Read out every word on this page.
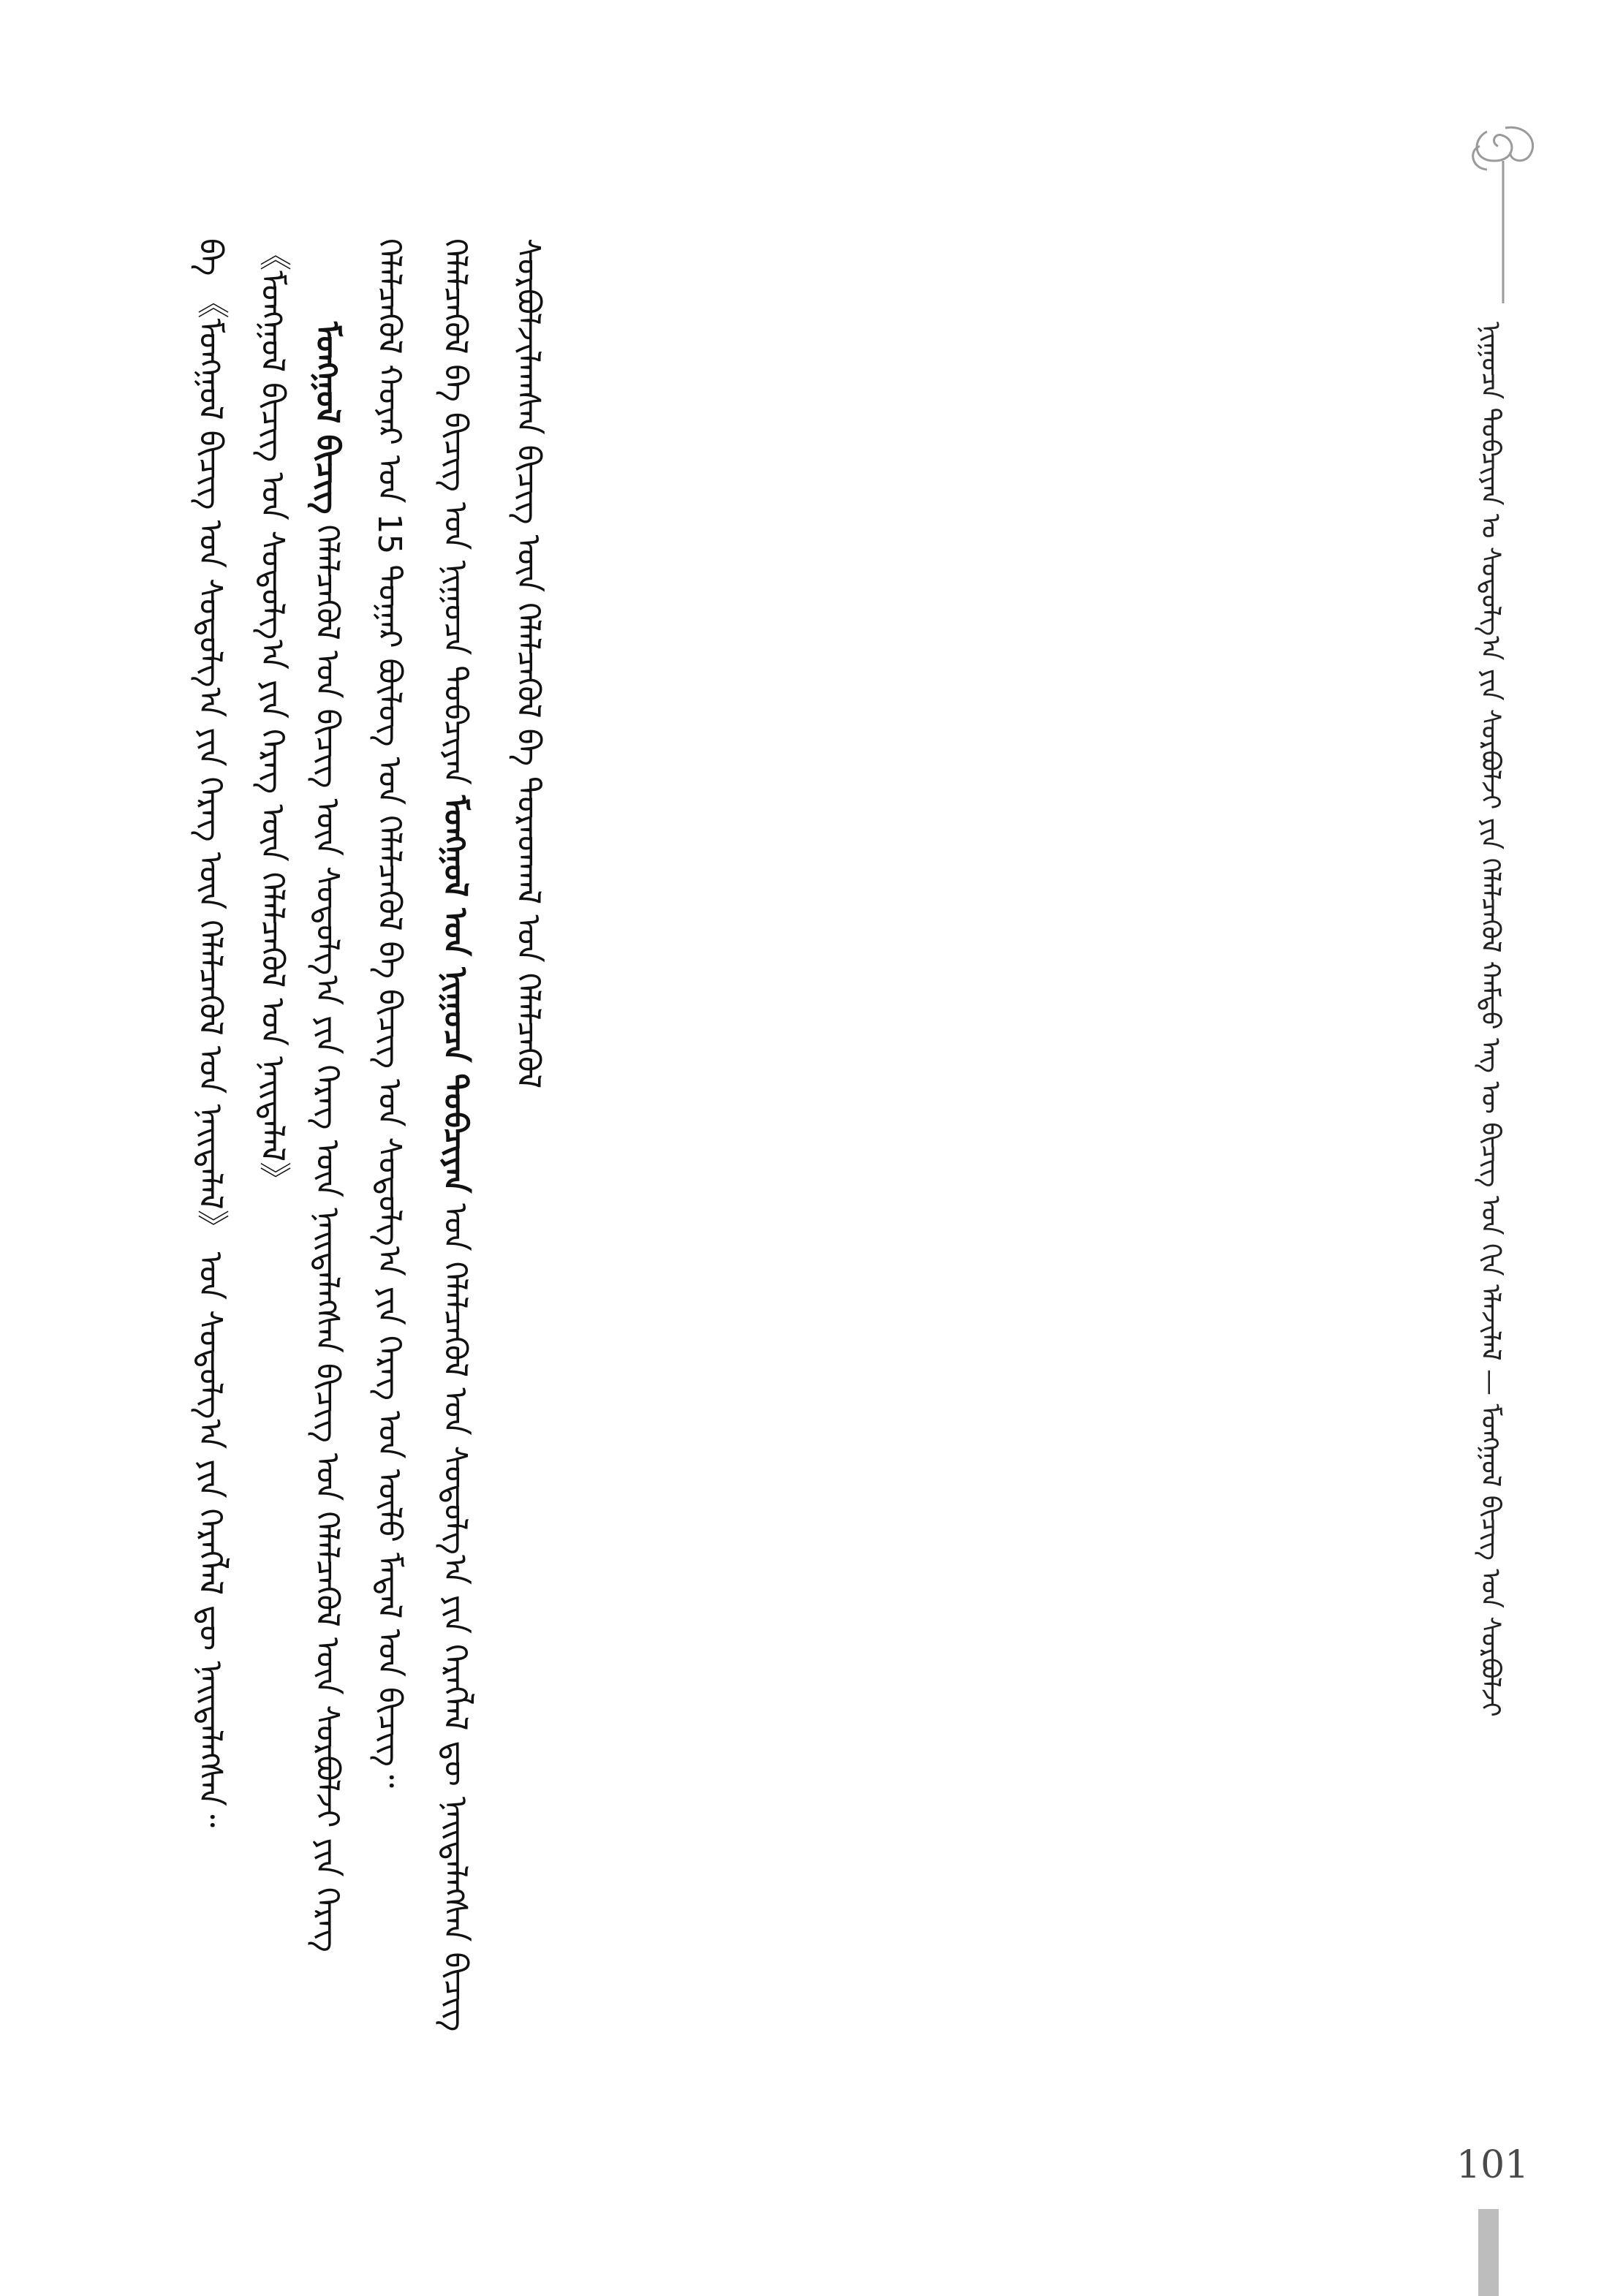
ᠨᠢᠭᠤᠴᠠ ᠲᠣᠪᠴᠢᠶᠠᠨ ᠤ ᠰᠤᠳᠤᠯᠭ᠎ᠠ ᠶᠢᠨ ᠰᠤᠷᠪᠤᠯᠵᠢ ᠶᠢᠨ ᠬᠡᠯᠡᠯᠴᠡᠭᠦᠯ ᠬᠠᠮᠲᠤ ᠡᠩ ᠦ ᠪᠢᠴᠢᠭ ᠤᠨ ᠬᠢᠨ ᠡᠯᠡᠵᠢᠯᠡᠯ — ᠮᠣᠩᠭᠣᠯ ᠪᠢᠴᠢᠭ ᠤᠨ ᠰᠤᠷᠪᠤᠯᠵᠢ
ᠰᠤᠷᠪᠤᠯᠵᠢᠯᠠᠭᠰᠠᠨ ᠪᠢᠴᠢᠭ ᠦᠨ ᠬᠡᠯᠡᠯᠴᠡᠭᠦᠯ ᠪᠠ ᠳᠤᠷᠠᠳᠬᠠᠯ ᠤᠨ ᠬᠡᠯᠡᠯᠴᠡᠭᠦᠯ
ᠬᠡᠯᠡᠯᠴᠡᠭᠦᠯ ᠪᠠ ᠪᠢᠴᠢᠭ ᠤᠨ ᠨᠢᠭᠤᠴᠠ ᠲᠣᠪᠴᠢᠶᠠᠨ ᠮᠣᠩᠭᠣᠯ ᠤᠨ ᠨᠢᠭᠤᠴᠠ ᠲᠣᠪᠴᠢᠶᠠᠨ ᠤᠨ ᠬᠡᠯᠡᠯᠴᠡᠭᠦᠯ ᠤᠨ ᠰᠤᠳᠤᠯᠭ᠎ᠠ ᠶᠢᠨ ᠬᠡᠷᠡᠭᠯᠡᠯ ᠳᠦ ᠨᠡᠢᠲᠡᠯᠡᠭᠰᠡᠨ ᠪᠢᠴᠢᠭ
ᠬᠡᠯᠡᠯᠴᠡᠭᠦᠯ ᠬᠣᠶᠠᠷ ᠤᠨ 15 ᠳᠤᠭᠠᠷ ᠪᠦᠯᠦᠭ ᠤᠨ ᠬᠡᠯᠡᠯᠴᠡᠭᠦᠯ ᠪᠠ ᠪᠢᠴᠢᠭ ᠤᠨ ᠰᠤᠳᠤᠯᠭ᠎ᠠ ᠶᠢᠨ ᠬᠡᠷᠡᠭ ᠤᠨ ᠦᠯᠦ ᠮᠠᠳᠠᠯ ᠤᠨ ᠪᠢᠴᠢᠭ᠃
ᠮᠣᠩᠭᠣᠯ ᠪᠢᠴᠢᠭ ᠬᠡᠯᠡᠯᠴᠡᠭᠦᠯ ᠤᠨ ᠪᠢᠴᠢᠭ ᠦᠨ ᠰᠤᠳᠤᠯᠭ᠎ᠠ ᠶᠢᠨ ᠬᠡᠷᠡᠭ ᠦᠨ ᠨᠡᠢᠲᠡᠯᠡᠭᠰᠡᠨ ᠪᠢᠴᠢᠭ ᠤᠨ ᠬᠡᠯᠡᠯᠴᠡᠭᠦᠯ ᠦᠨ ᠰᠤᠷᠪᠤᠯᠵᠢ ᠶᠢᠨ ᠬᠡᠷᠡᠭ
《ᠮᠣᠩᠭᠣᠯ ᠪᠢᠴᠢᠭ ᠤᠨ ᠰᠤᠳᠤᠯᠭ᠎ᠠ ᠶᠢᠨ ᠬᠡᠷᠡᠭ ᠦᠨ ᠬᠡᠯᠡᠯᠴᠡᠭᠦᠯ ᠤᠨ ᠨᠡᠢᠲᠡᠯᠡᠯ》
ᠪᠠ 《ᠮᠣᠩᠭᠣᠯ ᠪᠢᠴᠢᠭ ᠤᠨ ᠰᠤᠳᠤᠯᠭ᠎ᠠ ᠶᠢᠨ ᠬᠡᠷᠡᠭ ᠦᠨ ᠬᠡᠯᠡᠯᠴᠡᠭᠦᠯ ᠤᠨ ᠨᠡᠢᠲᠡᠯᠡᠯ》 ᠤᠨ ᠰᠤᠳᠤᠯᠭ᠎ᠠ ᠶᠢᠨ ᠬᠡᠷᠡᠭᠯᠡᠯ ᠳᠦ ᠨᠡᠢᠲᠡᠯᠡᠭᠰᠡᠨ᠃
101
